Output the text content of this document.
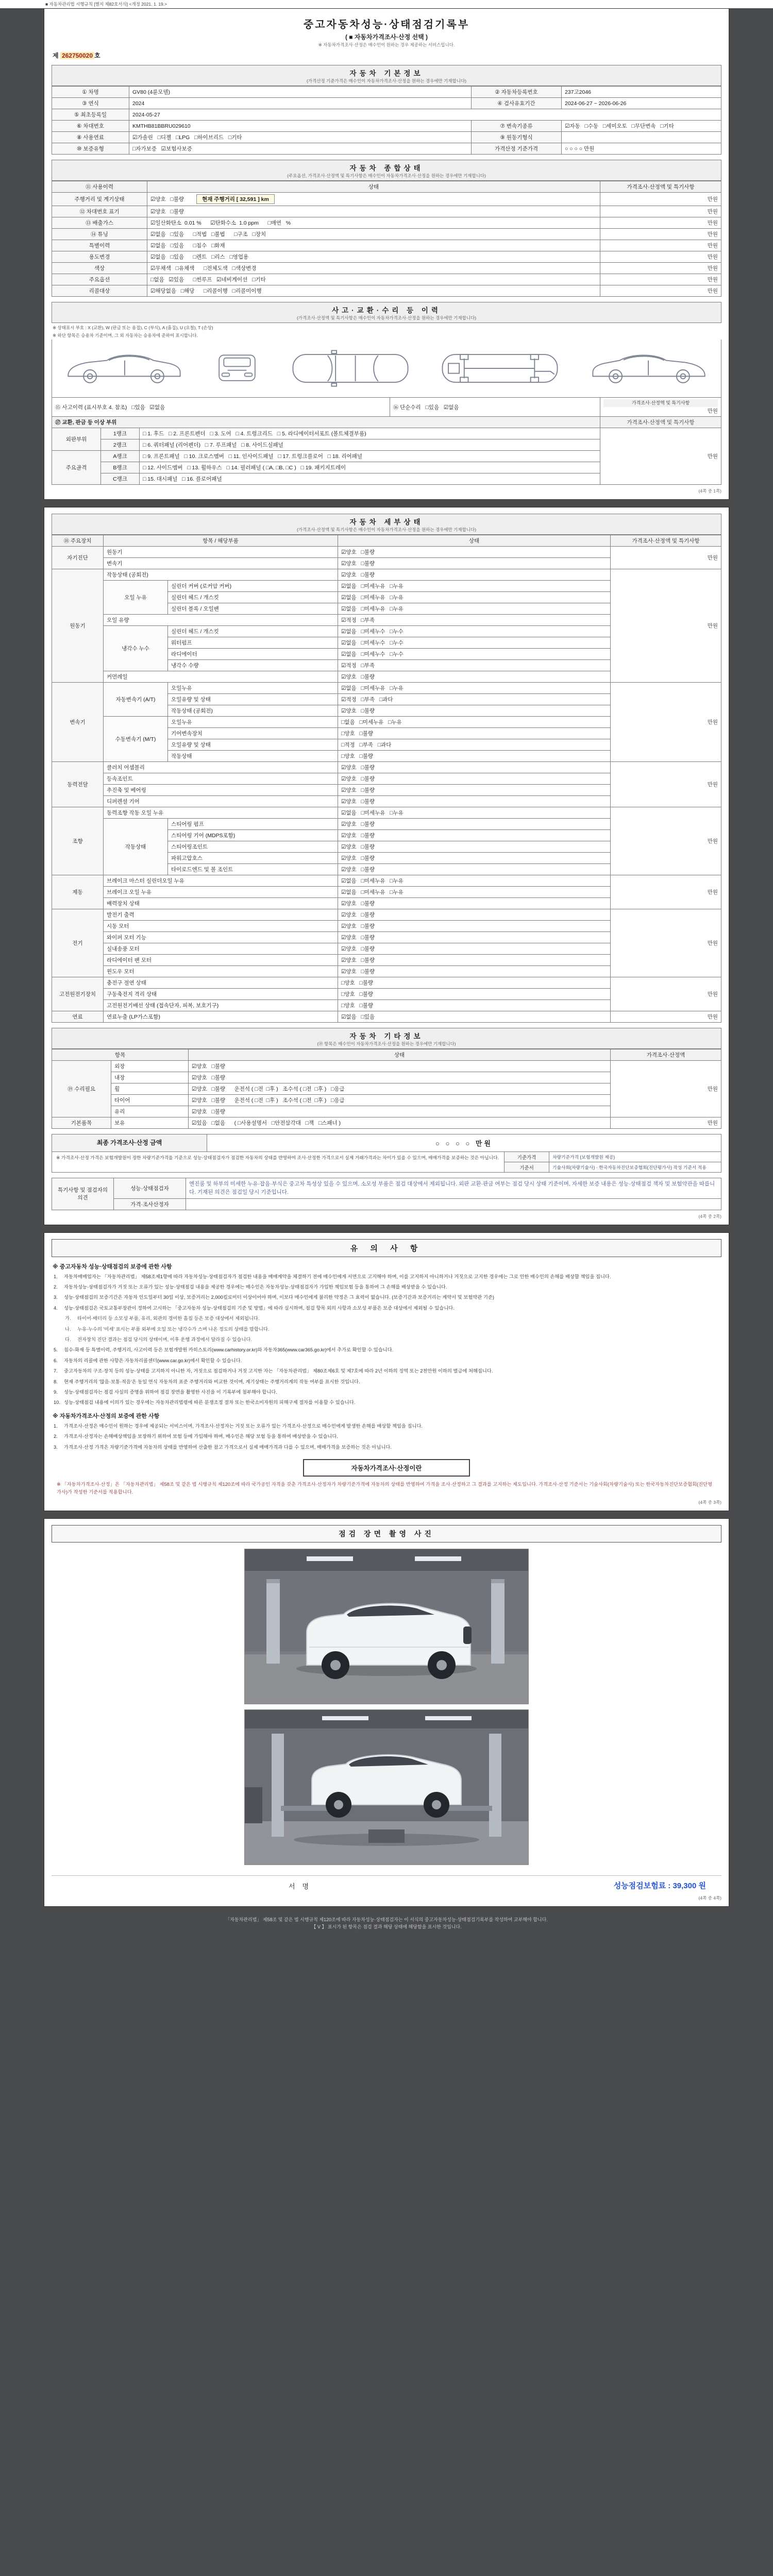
■ 자동차관리법 시행규칙 [별지 제82호서식] <개정 2021. 1. 19.>
중고자동차성능·상태점검기록부
( ■ 자동차가격조사·산정 선택 )
※ 자동차가격조사·산정은 매수인이 원하는 경우 제공하는 서비스입니다.
제 262750020 호
자동차 기본정보
(가격산정 기준가격은 매수인이 자동차가격조사·산정을 원하는 경우에만 기재합니다)
① 차명	GV80 (4륜모델)	② 자동차등록번호	237고2046
③ 연식	2024	④ 검사유효기간	2024-06-27 ~ 2026-06-26
⑤ 최초등록일	2024-05-27		
⑥ 차대번호	KMTHB81BBRU029610	⑦ 변속기종류	☑자동   □수동   □세미오토   □무단변속   □기타
⑧ 사용연료	☑가솔린   □디젤   □LPG   □하이브리드   □기타	⑨ 원동기형식	
⑩ 보증유형	□자가보증   ☑보험사보증	가격산정 기준가격	○ ○ ○ ○ 만원
자동차 종합상태
(주요옵션, 가격조사·산정액 및 특기사항은 매수인이 자동차가격조사·산정을 원하는 경우에만 기재합니다)
⑪ 사용이력	상태	가격조사·산정액 및 특기사항
주행거리 및 계기상태	☑양호   □불량 현재 주행거리 [ 32,591 ] km	만원
⑫ 차대번호 표기	☑양호   □불량	만원
⑬ 배출가스	☑일산화탄소  0.01 %      ☑탄화수소  1.0 ppm      □매연   %	만원
⑭ 튜닝	☑없음   □있음      □적법   □불법      □구조   □장치	만원
특별이력	☑없음   □있음      □침수   □화재	만원
용도변경	☑없음   □있음      □렌트   □리스   □영업용	만원
색상	☑무채색   □유채색      □전체도색   □색상변경	만원
주요옵션	□없음   ☑있음      □썬루프   ☑네비게이션   □기타	만원
리콜대상	☑해당없음   □해당      □리콜이행   □리콜미이행	만원
사고·교환·수리 등 이력
(가격조사·산정액 및 특기사항은 매수인이 자동차가격조사·산정을 원하는 경우에만 기재합니다)
※ 상태표시 부호 : X (교환), W (판금 또는 용접), C (부식), A (흠집), U (요철), T (손상)
※ 하단 항목은 승용차 기준이며, 그 외 자동차는 승용차에 준하여 표시합니다.
⑮ 사고이력 (표시부호 4. 참조) □있음   ☑없음	⑯ 단순수리 □있음   ☑없음	
가격조사·산정액 및 특기사항
만원
⑰ 교환, 판금 등 이상 부위			가격조사·산정액 및 특기사항
외판부위	1랭크	□ 1. 후드   □ 2. 프론트펜더   □ 3. 도어   □ 4. 트렁크리드   □ 5. 라디에이터서포트 (볼트체결부품)	만원
	2랭크	□ 6. 쿼터패널 (리어펜더)   □ 7. 루프패널   □ 8. 사이드실패널	
주요골격	A랭크	□ 9. 프론트패널   □ 10. 크로스멤버   □ 11. 인사이드패널   □ 17. 트렁크플로어   □ 18. 리어패널	
	B랭크	□ 12. 사이드멤버   □ 13. 휠하우스   □ 14. 필러패널 ( □A, □B, □C )   □ 19. 패키지트레이	
	C랭크	□ 15. 대시패널   □ 16. 플로어패널	
(4쪽 중 1쪽)
자동차 세부상태
(가격조사·산정액 및 특기사항은 매수인이 자동차가격조사·산정을 원하는 경우에만 기재합니다)
⑱ 주요장치	항목 / 해당부품		상태	가격조사·산정액 및 특기사항
자기진단	원동기		☑양호   □불량	만원
	변속기		☑양호   □불량	
원동기	작동상태 (공회전)		☑양호   □불량	만원
	오일 누유	실린더 커버 (로커암 커버)	☑없음   □미세누유   □누유	
		실린더 헤드 / 개스킷	☑없음   □미세누유   □누유	
		실린더 블록 / 오일팬	☑없음   □미세누유   □누유	
	오일 유량		☑적정   □부족	
	냉각수 누수	실린더 헤드 / 개스킷	☑없음   □미세누수   □누수	
		워터펌프	☑없음   □미세누수   □누수	
		라디에이터	☑없음   □미세누수   □누수	
		냉각수 수량	☑적정   □부족	
	커먼레일		☑양호   □불량	
변속기	자동변속기 (A/T)	오일누유	☑없음   □미세누유   □누유	만원
		오일유량 및 상태	☑적정   □부족   □과다	
		작동상태 (공회전)	☑양호   □불량	
	수동변속기 (M/T)	오일누유	□없음   □미세누유   □누유	
		기어변속장치	□양호   □불량	
		오일유량 및 상태	□적정   □부족   □과다	
		작동상태	□양호   □불량	
동력전달	클러치 어셈블리		☑양호   □불량	만원
	등속조인트		☑양호   □불량	
	추진축 및 베어링		☑양호   □불량	
	디퍼렌셜 기어		☑양호   □불량	
조향	동력조향 작동 오일 누유		☑없음   □미세누유   □누유	만원
	작동상태	스티어링 펌프	☑양호   □불량	
		스티어링 기어 (MDPS포함)	☑양호   □불량	
		스티어링조인트	☑양호   □불량	
		파워고압호스	☑양호   □불량	
		타이로드엔드 및 볼 조인트	☑양호   □불량	
제동	브레이크 마스터 실린더오일 누유		☑없음   □미세누유   □누유	만원
	브레이크 오일 누유		☑없음   □미세누유   □누유	
	배력장치 상태		☑양호   □불량	
전기	발전기 출력		☑양호   □불량	만원
	시동 모터		☑양호   □불량	
	와이퍼 모터 기능		☑양호   □불량	
	실내송풍 모터		☑양호   □불량	
	라디에이터 팬 모터		☑양호   □불량	
	윈도우 모터		☑양호   □불량	
고전원전기장치	충전구 절연 상태		□양호   □불량	만원
	구동축전지 격리 상태		□양호   □불량	
	고전원전기배선 상태 (접속단자, 피복, 보호기구)		□양호   □불량	
연료	연료누출 (LP가스포함)		☑없음   □있음	만원
자동차 기타정보
(⑲ 항목은 매수인이 자동차가격조사·산정을 원하는 경우에만 기재합니다)
항목		상태	가격조사·산정액
⑲ 수리필요	외장	☑양호   □불량	만원
	내장	☑양호   □불량	
	휠	☑양호   □불량      운전석 ( □전  □후 )   조수석 ( □전  □후 )   □응급	
	타이어	☑양호   □불량      운전석 ( □전  □후 )   조수석 ( □전  □후 )   □응급	
	유리	☑양호   □불량	
기본품목	보유	☑있음   □없음      ( □사용설명서   □안전삼각대   □잭   □스패너 )	만원
최종 가격조사·산정 금액	○ ○ ○ ○ 만원
※ 가격조사·산정 가격은 보험개발원이 정한 차량기준가격을 기준으로 성능·상태점검자가 점검한 자동차의 상태를 반영하여 조사·산정한 가격으로서 실제 거래가격과는 차이가 있을 수 있으며, 매매가격을 보증하는 것은 아닙니다.	기준가격	차량기준가격 (보험개발원 제공)
기준서	기술사회(차량기술사) · 한국자동차진단보증협회(진단평가사) 작성 기준서 적용
특기사항 및 점검자의 의견	성능·상태점검자	엔진룸 및 하부의 미세한 누유·잡음·부식은 중고차 특성상 있을 수 있으며, 소모성 부품은 점검 대상에서 제외됩니다. 외판 교환·판금 여부는 점검 당시 상태 기준이며, 자세한 보증 내용은 성능·상태점검 책자 및 보험약관을 따릅니다. 기재된 의견은 점검일 당시 기준입니다.
	가격·조사산정자	
(4쪽 중 2쪽)
유 의 사 항
※ 중고자동차 성능·상태점검의 보증에 관한 사항
1.	자동차매매업자는 「자동차관리법」 제58조제1항에 따라 자동차성능·상태점검자가 점검한 내용을 매매계약을 체결하기 전에 매수인에게 서면으로 고지해야 하며, 이를 고지하지 아니하거나 거짓으로 고지한 경우에는 그로 인한 매수인의 손해를 배상할 책임을 집니다.
2.	자동차성능·상태점검자가 거짓 또는 오류가 있는 성능·상태점검 내용을 제공한 경우에는 매수인은 자동차성능·상태점검자가 가입한 책임보험 등을 통하여 그 손해를 배상받을 수 있습니다.
3.	성능·상태점검의 보증기간은 자동차 인도일부터 30일 이상, 보증거리는 2,000킬로미터 이상이어야 하며, 이보다 매수인에게 불리한 약정은 그 효력이 없습니다. (보증기간과 보증거리는 계약서 및 보험약관 기준)
4.	성능·상태점검은 국토교통부장관이 정하여 고시하는 「중고자동차 성능·상태점검의 기준 및 방법」에 따라 실시하며, 점검 항목 외의 사항과 소모성 부품은 보증 대상에서 제외될 수 있습니다.
가.	타이어·배터리 등 소모성 부품, 유리, 외관의 경미한 흠집 등은 보증 대상에서 제외됩니다.
나.	누유·누수의 '미세' 표시는 부품 외부에 오일 또는 냉각수가 스며 나온 정도의 상태를 말합니다.
다.	전자장치 진단 결과는 점검 당시의 상태이며, 이후 운행 과정에서 달라질 수 있습니다.
5.	침수·화재 등 특별이력, 주행거리, 사고이력 등은 보험개발원 카히스토리(www.carhistory.or.kr)와 자동차365(www.car365.go.kr)에서 추가로 확인할 수 있습니다.
6.	자동차의 리콜에 관한 사항은 자동차리콜센터(www.car.go.kr)에서 확인할 수 있습니다.
7.	중고자동차의 구조·장치 등의 성능·상태를 고지하지 아니한 자, 거짓으로 점검하거나 거짓 고지한 자는 「자동차관리법」 제80조제6호 및 제7호에 따라 2년 이하의 징역 또는 2천만원 이하의 벌금에 처해집니다.
8.	현재 주행거리의 '많음·보통·적음'은 동일 연식 자동차의 표준 주행거리와 비교한 것이며, 계기상태는 주행거리계의 작동 여부를 표시한 것입니다.
9.	성능·상태점검자는 점검 사실의 증명을 위하여 점검 장면을 촬영한 사진을 이 기록부에 첨부해야 합니다.
10. 성능·상태점검 내용에 이의가 있는 경우에는 자동차관리법령에 따른 분쟁조정 절차 또는 한국소비자원의 피해구제 절차를 이용할 수 있습니다.
※ 자동차가격조사·산정의 보증에 관한 사항
1.	가격조사·산정은 매수인이 원하는 경우에 제공되는 서비스이며, 가격조사·산정자는 거짓 또는 오류가 있는 가격조사·산정으로 매수인에게 발생한 손해를 배상할 책임을 집니다.
2.	가격조사·산정자는 손해배상책임을 보장하기 위하여 보험 등에 가입해야 하며, 매수인은 해당 보험 등을 통하여 배상받을 수 있습니다.
3.	가격조사·산정 가격은 차량기준가격에 자동차의 상태를 반영하여 산출한 참고 가격으로서 실제 매매가격과 다를 수 있으며, 매매가격을 보증하는 것은 아닙니다.
자동차가격조사·산정이란
※ 「자동차가격조사·산정」은 「자동차관리법」 제58조 및 같은 법 시행규칙 제120조에 따라 국가공인 자격을 갖춘 가격조사·산정자가 차량기준가격에 자동차의 상태를 반영하여 가격을 조사·산정하고 그 결과를 고지하는 제도입니다. 가격조사·산정 기준서는 기술사회(차량기술사) 또는 한국자동차진단보증협회(진단평가사)가 작성한 기준서를 적용합니다.
(4쪽 중 3쪽)
점검 장면 촬영 사진
서명	성능점검보험료 : 39,300 원
(4쪽 중 4쪽)
「자동차관리법」 제58조 및 같은 법 시행규칙 제120조에 따라 자동차성능·상태점검자는 이 서식의 중고자동차성능·상태점검기록부를 작성하여 교부해야 합니다.
【 V 】 표시가 된 항목은 점검 결과 해당 상태에 해당함을 표시한 것입니다.
